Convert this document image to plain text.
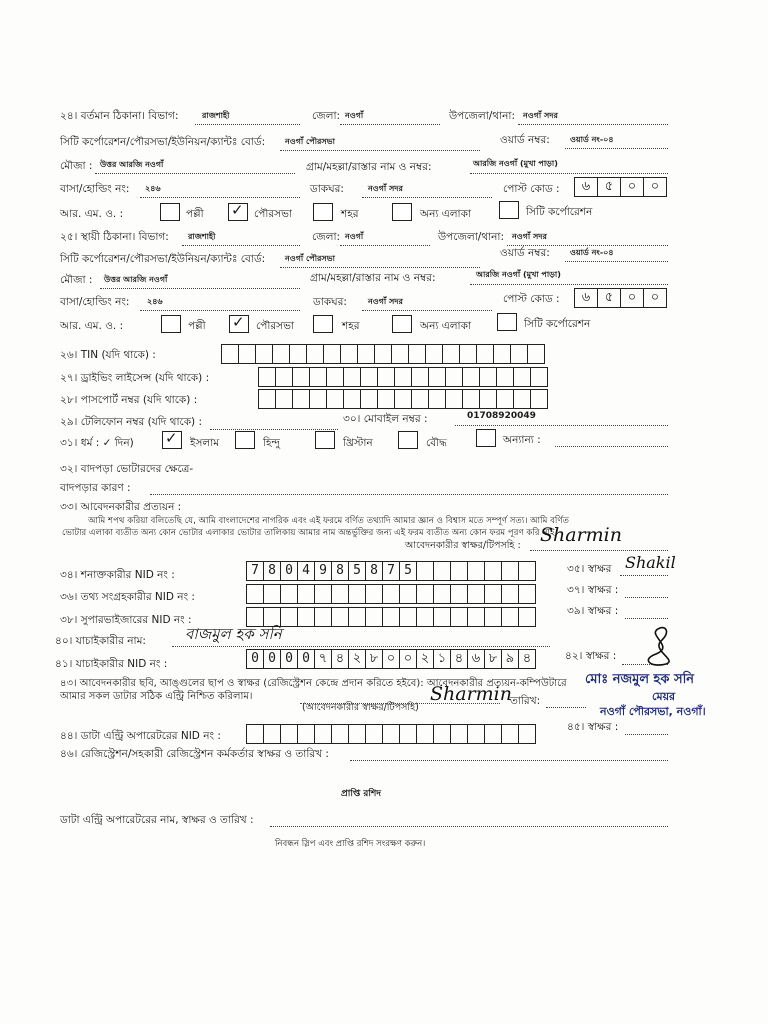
২৪। বর্তমান ঠিকানা। বিভাগ:	রাজশাহী	জেলা: নওগাঁ	উপজেলা/থানা: নওগাঁ সদর
সিটি কর্পোরেশন/পৌরসভা/ইউনিয়ন/ক্যান্টঃ বোর্ড: নওগাঁ পৌরসভা	ওয়ার্ড নম্বর:	ওয়ার্ড নং-০৪
মৌজা : উত্তর আরজি নওগাঁ	গ্রাম/মহল্লা/রাস্তার নাম ও নম্বর:	আরজি নওগাঁ (মুখা পাড়া)
বাসা/হোল্ডিং নং: ২৪৬	ডাকঘর:	নওগাঁ সদর	পোস্ট কোড :	৬	৫	০	০
আর. এম. ও. :	পল্লী ✓ পৌরসভা	শহর	অন্য এলাকা	সিটি কর্পোরেশন
২৫। স্থায়ী ঠিকানা। বিভাগ: রাজশাহী	জেলা: নওগাঁ	উপজেলা/থানা: নওগাঁ সদর
সিটি কর্পোরেশন/পৌরসভা/ইউনিয়ন/ক্যান্টঃ বোর্ড: নওগাঁ পৌরসভা	ওয়ার্ড নম্বর:	ওয়ার্ড নং-০৪
মৌজা : উত্তর আরজি নওগাঁ	গ্রাম/মহল্লা/রাস্তার নাম ও নম্বর:	আরজি নওগাঁ (মুখা পাড়া)
বাসা/হোল্ডিং নং: ২৪৬	ডাকঘর:	নওগাঁ সদর	পোস্ট কোড :	৬	৫	০	০
আর. এম. ও. :	পল্লী ✓ পৌরসভা	শহর	অন্য এলাকা	সিটি কর্পোরেশন
২৬। TIN (যদি থাকে) :
২৭। ড্রাইভিং লাইসেন্স (যদি থাকে) :
২৮। পাসপোর্ট নম্বর (যদি থাকে) :
২৯। টেলিফোন নম্বর (যদি থাকে) :	৩০। মোবাইল নম্বর :	01708920049
৩১। ধর্ম : ✓ দিন) ✓ ইসলাম	হিন্দু	খ্রিস্টান	বৌদ্ধ	অন্যান্য :
৩২। বাদপড়া ভোটারদের ক্ষেত্রে-
বাদপড়ার কারণ :
৩৩। আবেদনকারীর প্রত্যয়ন :
আমি শপথ করিয়া বলিতেছি যে, আমি বাংলাদেশের নাগরিক এবং এই ফরমে বর্ণিত তথ্যাদি আমার জ্ঞান ও বিশ্বাস মতে সম্পূর্ণ সত্য। আমি বর্ণিত
ভোটার এলাকা ব্যতীত অন্য কোন ভোটার এলাকার ভোটার তালিকায় আমার নাম অন্তর্ভুক্তির জন্য এই ফরম ব্যতীত অন্য কোন ফরম পূরণ করি নাই।
আবেদনকারীর স্বাক্ষর/টিপসহি : Sharmin
৩৪। শনাক্তকারীর NID নং :	7 8 0 4 9 8 5 8 7 5	৩৫। স্বাক্ষর Shakil
৩৬। তথ্য সংগ্রহকারীর NID নং :
৩৭। স্বাক্ষর :
৩৮। সুপারভাইজারের NID নং :
৩৯। স্বাক্ষর :
৪০। যাচাইকারীর নাম:	বাজমুল হক সনি
৪১। যাচাইকারীর NID নং :	0 0 0 0 ৭ ৪ ২ ৮ ০ ০ ২ ১ ৪ ৬ ৮ ৯ ৪	৪২। স্বাক্ষর :
৪৩। আবেদনকারীর ছবি, আঙ্গুলের ছাপ ও স্বাক্ষর (রেজিস্ট্রেশন কেন্দ্রে প্রদান করিতে হইবে): আবেদনকারীর প্রত্যয়ন-কম্পিউটারে
আমার সকল ডাটার সঠিক এন্ট্রি নিশ্চিত করিলাম।
(আবেদনকারীর স্বাক্ষর/টিপসহি)
Sharmin
তারিখ:
মোঃ নজমুল হক সনি
মেয়র
নওগাঁ পৌরসভা, নওগাঁ।
৪৪। ডাটা এন্ট্রি অপারেটরের NID নং :
৪৫। স্বাক্ষর :
৪৬। রেজিস্ট্রেশন/সহকারী রেজিস্ট্রেশন কর্মকর্তার স্বাক্ষর ও তারিখ :
প্রাপ্তি রশিদ
ডাটা এন্ট্রি অপারেটরের নাম, স্বাক্ষর ও তারিখ :
নিবন্ধন স্লিপ এবং প্রাপ্তি রশিদ সংরক্ষণ করুন।
